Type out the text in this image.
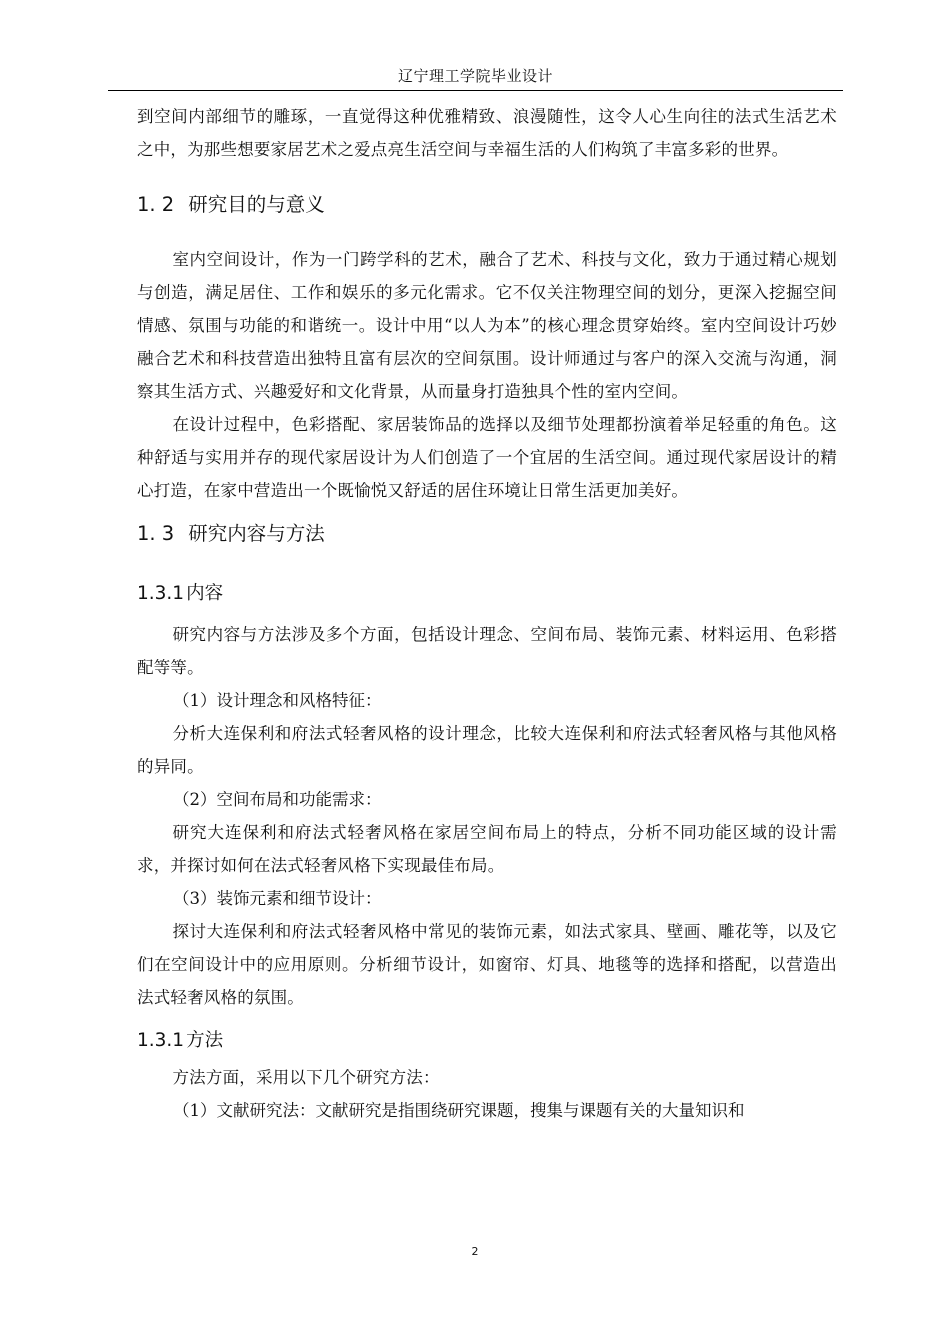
辽宁理工学院毕业设计

到空间内部细节的雕琢，一直觉得这种优雅精致、浪漫随性，这令人心生向往的法式生活艺术之中，为那些想要家居艺术之爱点亮生活空间与幸福生活的人们构筑了丰富多彩的世界。

1. 2 研究目的与意义

室内空间设计，作为一门跨学科的艺术，融合了艺术、科技与文化，致力于通过精心规划与创造，满足居住、工作和娱乐的多元化需求。它不仅关注物理空间的划分，更深入挖掘空间情感、氛围与功能的和谐统一。设计中用“以人为本”的核心理念贯穿始终。室内空间设计巧妙融合艺术和科技营造出独特且富有层次的空间氛围。设计师通过与客户的深入交流与沟通，洞察其生活方式、兴趣爱好和文化背景，从而量身打造独具个性的室内空间。

在设计过程中，色彩搭配、家居装饰品的选择以及细节处理都扮演着举足轻重的角色。这种舒适与实用并存的现代家居设计为人们创造了一个宜居的生活空间。通过现代家居设计的精心打造，在家中营造出一个既愉悦又舒适的居住环境让日常生活更加美好。

1. 3 研究内容与方法
1.3.1 内容

研究内容与方法涉及多个方面，包括设计理念、空间布局、装饰元素、材料运用、色彩搭配等等。

（1）设计理念和风格特征：

分析大连保利和府法式轻奢风格的设计理念，比较大连保利和府法式轻奢风格与其他风格的异同。

（2）空间布局和功能需求：

研究大连保利和府法式轻奢风格在家居空间布局上的特点，分析不同功能区域的设计需求，并探讨如何在法式轻奢风格下实现最佳布局。

（3）装饰元素和细节设计：

探讨大连保利和府法式轻奢风格中常见的装饰元素，如法式家具、壁画、雕花等，以及它们在空间设计中的应用原则。分析细节设计，如窗帘、灯具、地毯等的选择和搭配，以营造出法式轻奢风格的氛围。

1.3.1 方法

方法方面，采用以下几个研究方法：

（1）文献研究法：文献研究是指围绕研究课题，搜集与课题有关的大量知识和

2
